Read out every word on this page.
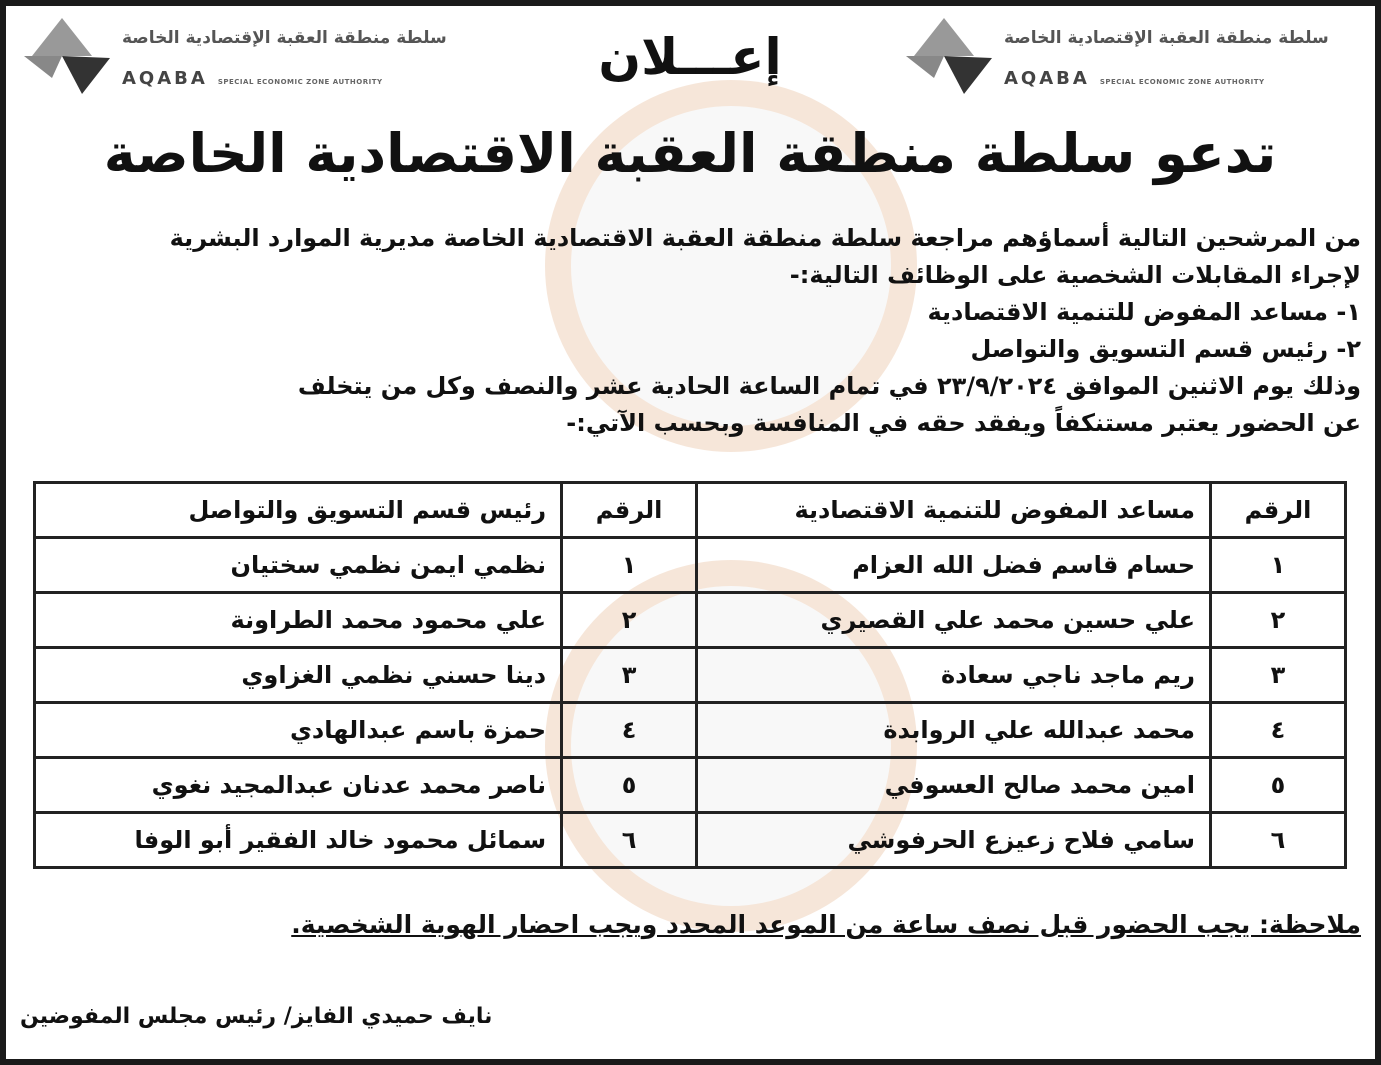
سلطة منطقة العقبة الإقتصادية الخاصة
AQABA SPECIAL ECONOMIC ZONE AUTHORITY
سلطة منطقة العقبة الإقتصادية الخاصة
AQABA SPECIAL ECONOMIC ZONE AUTHORITY
إعـــلان
تدعو سلطة منطقة العقبة الاقتصادية الخاصة
من المرشحين التالية أسماؤهم مراجعة سلطة منطقة العقبة الاقتصادية الخاصة مديرية الموارد البشرية
لإجراء المقابلات الشخصية على الوظائف التالية:-
١- مساعد المفوض للتنمية الاقتصادية
٢- رئيس قسم التسويق والتواصل
وذلك يوم الاثنين الموافق ٢٣/٩/٢٠٢٤ في تمام الساعة الحادية عشر والنصف وكل من يتخلف
عن الحضور يعتبر مستنكفاً ويفقد حقه في المنافسة وبحسب الآتي:-
الرقم	مساعد المفوض للتنمية الاقتصادية	الرقم	رئيس قسم التسويق والتواصل
١	حسام قاسم فضل الله العزام	١	نظمي ايمن نظمي سختيان
٢	علي حسين محمد علي القصيري	٢	علي محمود محمد الطراونة
٣	ريم ماجد ناجي سعادة	٣	دينا حسني نظمي الغزاوي
٤	محمد عبدالله علي الروابدة	٤	حمزة باسم عبدالهادي
٥	امين محمد صالح العسوفي	٥	ناصر محمد عدنان عبدالمجيد نغوي
٦	سامي فلاح زعيزع الحرفوشي	٦	سمائل محمود خالد الفقير أبو الوفا
ملاحظة: يجب الحضور قبل نصف ساعة من الموعد المحدد ويجب احضار الهوية الشخصية.
نايف حميدي الفايز/ رئيس مجلس المفوضين
